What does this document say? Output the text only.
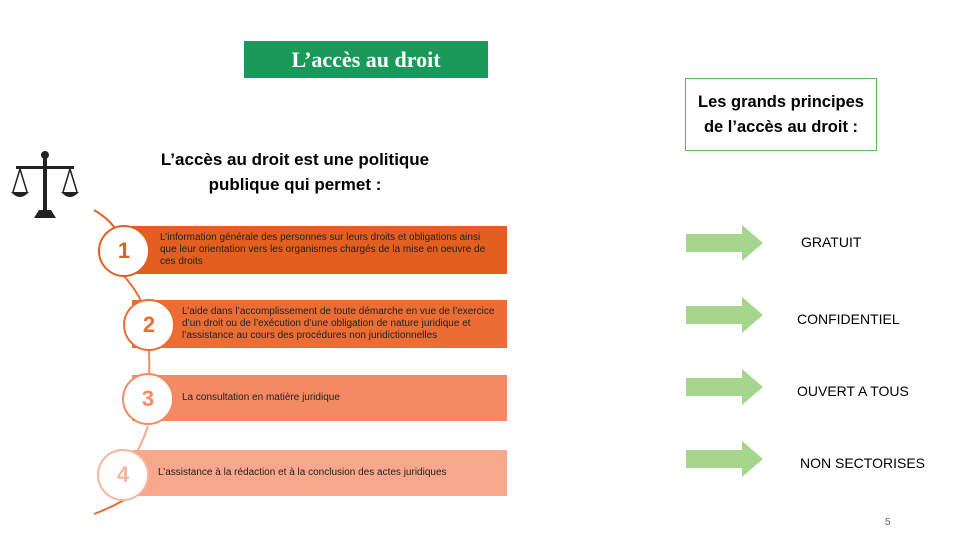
L’accès au droit
Les grands principes de l’accès au droit :
L’accès au droit est une politique publique qui permet :
L’information générale des personnes sur leurs droits et obligations ainsi que leur orientation vers les organismes chargés de la mise en oeuvre de ces droits
1
L’aide dans l’accomplissement de toute démarche en vue de l’exercice d’un droit ou de l’exécution d’une obligation de nature juridique et l’assistance au cours des procédures non juridictionnelles
2
La consultation en matière juridique
3
L’assistance à la rédaction et à la conclusion des actes juridiques
4
GRATUIT
CONFIDENTIEL
OUVERT A TOUS
NON SECTORISES
5
